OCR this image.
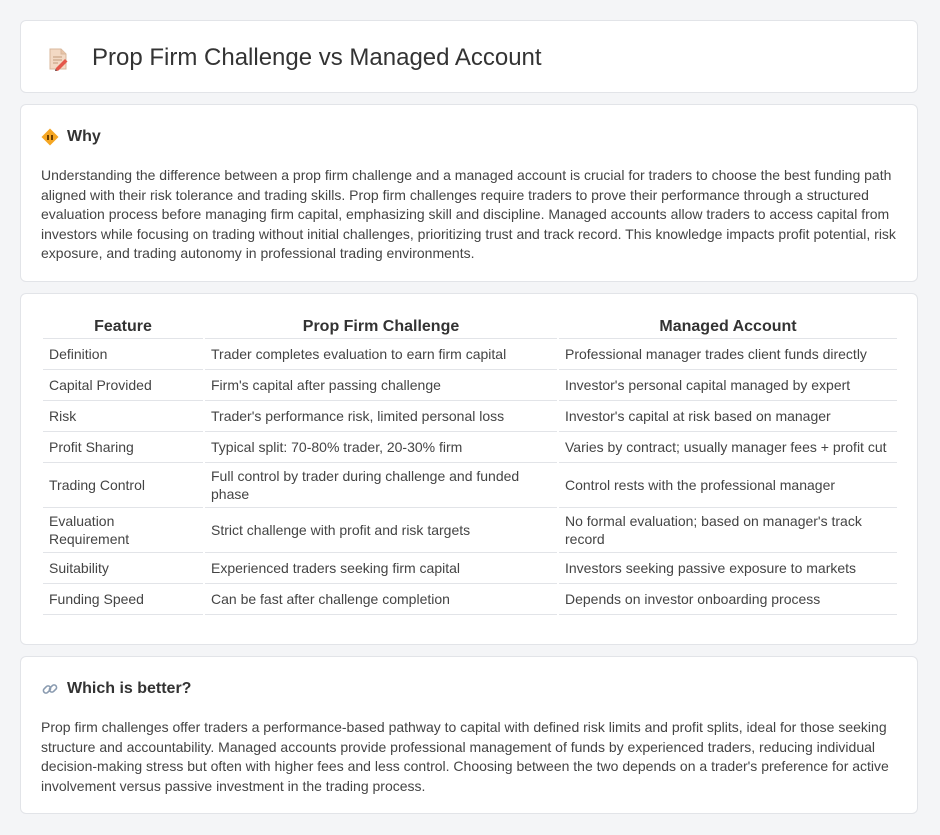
Prop Firm Challenge vs Managed Account
Why

Understanding the difference between a prop firm challenge and a managed account is crucial for traders to choose the best funding path aligned with their risk tolerance and trading skills. Prop firm challenges require traders to prove their performance through a structured evaluation process before managing firm capital, emphasizing skill and discipline. Managed accounts allow traders to access capital from investors while focusing on trading without initial challenges, prioritizing trust and track record. This knowledge impacts profit potential, risk exposure, and trading autonomy in professional trading environments.

Feature	Prop Firm Challenge	Managed Account
Definition	Trader completes evaluation to earn firm capital	Professional manager trades client funds directly
Capital Provided	Firm's capital after passing challenge	Investor's personal capital managed by expert
Risk	Trader's performance risk, limited personal loss	Investor's capital at risk based on manager
Profit Sharing	Typical split: 70-80% trader, 20-30% firm	Varies by contract; usually manager fees + profit cut
Trading Control	Full control by trader during challenge and funded phase	Control rests with the professional manager
Evaluation Requirement	Strict challenge with profit and risk targets	No formal evaluation; based on manager's track record
Suitability	Experienced traders seeking firm capital	Investors seeking passive exposure to markets
Funding Speed	Can be fast after challenge completion	Depends on investor onboarding process
Which is better?

Prop firm challenges offer traders a performance-based pathway to capital with defined risk limits and profit splits, ideal for those seeking structure and accountability. Managed accounts provide professional management of funds by experienced traders, reducing individual decision-making stress but often with higher fees and less control. Choosing between the two depends on a trader's preference for active involvement versus passive investment in the trading process.
